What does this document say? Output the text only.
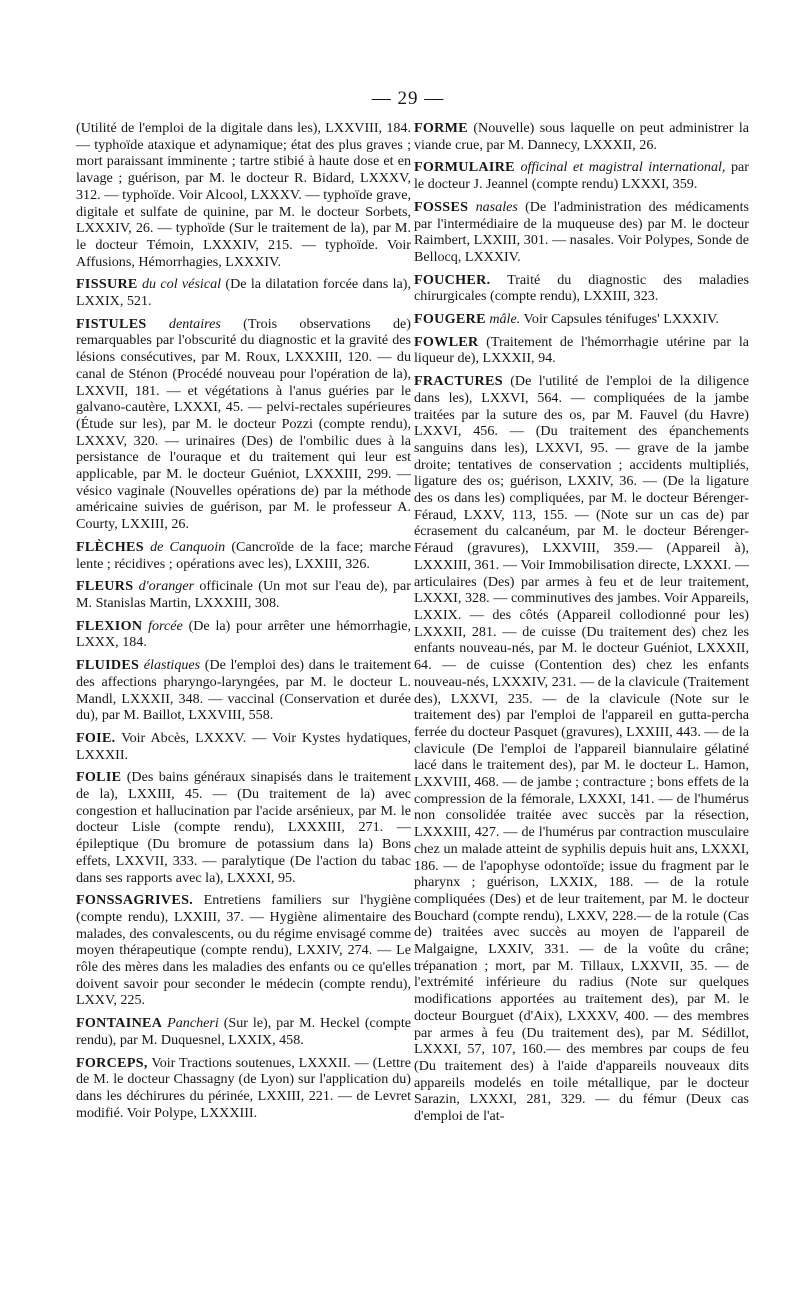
— 29 —

(Utilité de l'emploi de la digitale dans les), LXXVIII, 184. — typhoïde ataxique et adynamique; état des plus graves ; mort paraissant imminente ; tartre stibié à haute dose et en lavage ; guérison, par M. le docteur R. Bidard, LXXXV, 312. — typhoïde. Voir Alcool, LXXXV. — typhoïde grave, digitale et sulfate de quinine, par M. le docteur Sorbets, LXXXIV, 26. — typhoïde (Sur le traitement de la), par M. le docteur Témoin, LXXXIV, 215. — typhoïde. Voir Affusions, Hémorrhagies, LXXXIV.

FISSURE du col vésical (De la dilatation forcée dans la), LXXIX, 521.

FISTULES dentaires (Trois observations de) remarquables par l'obscurité du diagnostic et la gravité des lésions consécutives, par M. Roux, LXXXIII, 120. — du canal de Sténon (Procédé nouveau pour l'opération de la), LXXVII, 181. — et végétations à l'anus guéries par le galvano-cautère, LXXXI, 45. — pelvi-rectales supérieures (Étude sur les), par M. le docteur Pozzi (compte rendu), LXXXV, 320. — urinaires (Des) de l'ombilic dues à la persistance de l'ouraque et du traitement qui leur est applicable, par M. le docteur Guéniot, LXXXIII, 299. — vésico vaginale (Nouvelles opérations de) par la méthode américaine suivies de guérison, par M. le professeur A. Courty, LXXIII, 26.

FLÈCHES de Canquoin (Cancroïde de la face; marche lente ; récidives ; opérations avec les), LXXIII, 326.

FLEURS d'oranger officinale (Un mot sur l'eau de), par M. Stanislas Martin, LXXXIII, 308.

FLEXION forcée (De la) pour arrêter une hémorrhagie, LXXX, 184.

FLUIDES élastiques (De l'emploi des) dans le traitement des affections pharyngo-laryngées, par M. le docteur L. Mandl, LXXXII, 348. — vaccinal (Conservation et durée du), par M. Baillot, LXXVIII, 558.

FOIE. Voir Abcès, LXXXV. — Voir Kystes hydatiques, LXXXII.

FOLIE (Des bains généraux sinapisés dans le traitement de la), LXXIII, 45. — (Du traitement de la) avec congestion et hallucination par l'acide arsénieux, par M. le docteur Lisle (compte rendu), LXXXIII, 271. — épileptique (Du bromure de potassium dans la) Bons effets, LXXVII, 333. — paralytique (De l'action du tabac dans ses rapports avec la), LXXXI, 95.

FONSSAGRIVES. Entretiens familiers sur l'hygiène (compte rendu), LXXIII, 37. — Hygiène alimentaire des malades, des convalescents, ou du régime envisagé comme moyen thérapeutique (compte rendu), LXXIV, 274. — Le rôle des mères dans les maladies des enfants ou ce qu'elles doivent savoir pour seconder le médecin (compte rendu), LXXV, 225.

FONTAINEA Pancheri (Sur le), par M. Heckel (compte rendu), par M. Duquesnel, LXXIX, 458.

FORCEPS, Voir Tractions soutenues, LXXXII. — (Lettre de M. le docteur Chassagny (de Lyon) sur l'application du) dans les déchirures du périnée, LXXIII, 221. — de Levret modifié. Voir Polype, LXXXIII.

FORME (Nouvelle) sous laquelle on peut administrer la viande crue, par M. Dannecy, LXXXII, 26.

FORMULAIRE officinal et magistral international, par le docteur J. Jeannel (compte rendu) LXXXI, 359.

FOSSES nasales (De l'administration des médicaments par l'intermédiaire de la muqueuse des) par M. le docteur Raimbert, LXXIII, 301. — nasales. Voir Polypes, Sonde de Bellocq, LXXXIV.

FOUCHER. Traité du diagnostic des maladies chirurgicales (compte rendu), LXXIII, 323.

FOUGERE mâle. Voir Capsules ténifuges' LXXXIV.

FOWLER (Traitement de l'hémorrhagie utérine par la liqueur de), LXXXII, 94.

FRACTURES (De l'utilité de l'emploi de la diligence dans les), LXXVI, 564. — compliquées de la jambe traitées par la suture des os, par M. Fauvel (du Havre) LXXVI, 456. — (Du traitement des épanchements sanguins dans les), LXXVI, 95. — grave de la jambe droite; tentatives de conservation ; accidents multipliés, ligature des os; guérison, LXXIV, 36. — (De la ligature des os dans les) compliquées, par M. le docteur Bérenger-Féraud, LXXV, 113, 155. — (Note sur un cas de) par écrasement du calcanéum, par M. le docteur Bérenger-Féraud (gravures), LXXVIII, 359.— (Appareil à), LXXXIII, 361. — Voir Immobilisation directe, LXXXI. — articulaires (Des) par armes à feu et de leur traitement, LXXXI, 328. — comminutives des jambes. Voir Appareils, LXXIX. — des côtés (Appareil collodionné pour les) LXXXII, 281. — de cuisse (Du traitement des) chez les enfants nouveau-nés, par M. le docteur Guéniot, LXXXII, 64. — de cuisse (Contention des) chez les enfants nouveau-nés, LXXXIV, 231. — de la clavicule (Traitement des), LXXVI, 235. — de la clavicule (Note sur le traitement des) par l'emploi de l'appareil en gutta-percha ferrée du docteur Pasquet (gravures), LXXIII, 443. — de la clavicule (De l'emploi de l'appareil biannulaire gélatiné lacé dans le traitement des), par M. le docteur L. Hamon, LXXVIII, 468. — de jambe ; contracture ; bons effets de la compression de la fémorale, LXXXI, 141. — de l'humérus non consolidée traitée avec succès par la résection, LXXXIII, 427. — de l'humérus par contraction musculaire chez un malade atteint de syphilis depuis huit ans, LXXXI, 186. — de l'apophyse odontoïde; issue du fragment par le pharynx ; guérison, LXXIX, 188. — de la rotule compliquées (Des) et de leur traitement, par M. le docteur Bouchard (compte rendu), LXXV, 228.— de la rotule (Cas de) traitées avec succès au moyen de l'appareil de Malgaigne, LXXIV, 331. — de la voûte du crâne; trépanation ; mort, par M. Tillaux, LXXVII, 35. — de l'extrémité inférieure du radius (Note sur quelques modifications apportées au traitement des), par M. le docteur Bourguet (d'Aix), LXXXV, 400. — des membres par armes à feu (Du traitement des), par M. Sédillot, LXXXI, 57, 107, 160.— des membres par coups de feu (Du traitement des) à l'aide d'appareils nouveaux dits appareils modelés en toile métallique, par le docteur Sarazin, LXXXI, 281, 329. — du fémur (Deux cas d'emploi de l'at-
